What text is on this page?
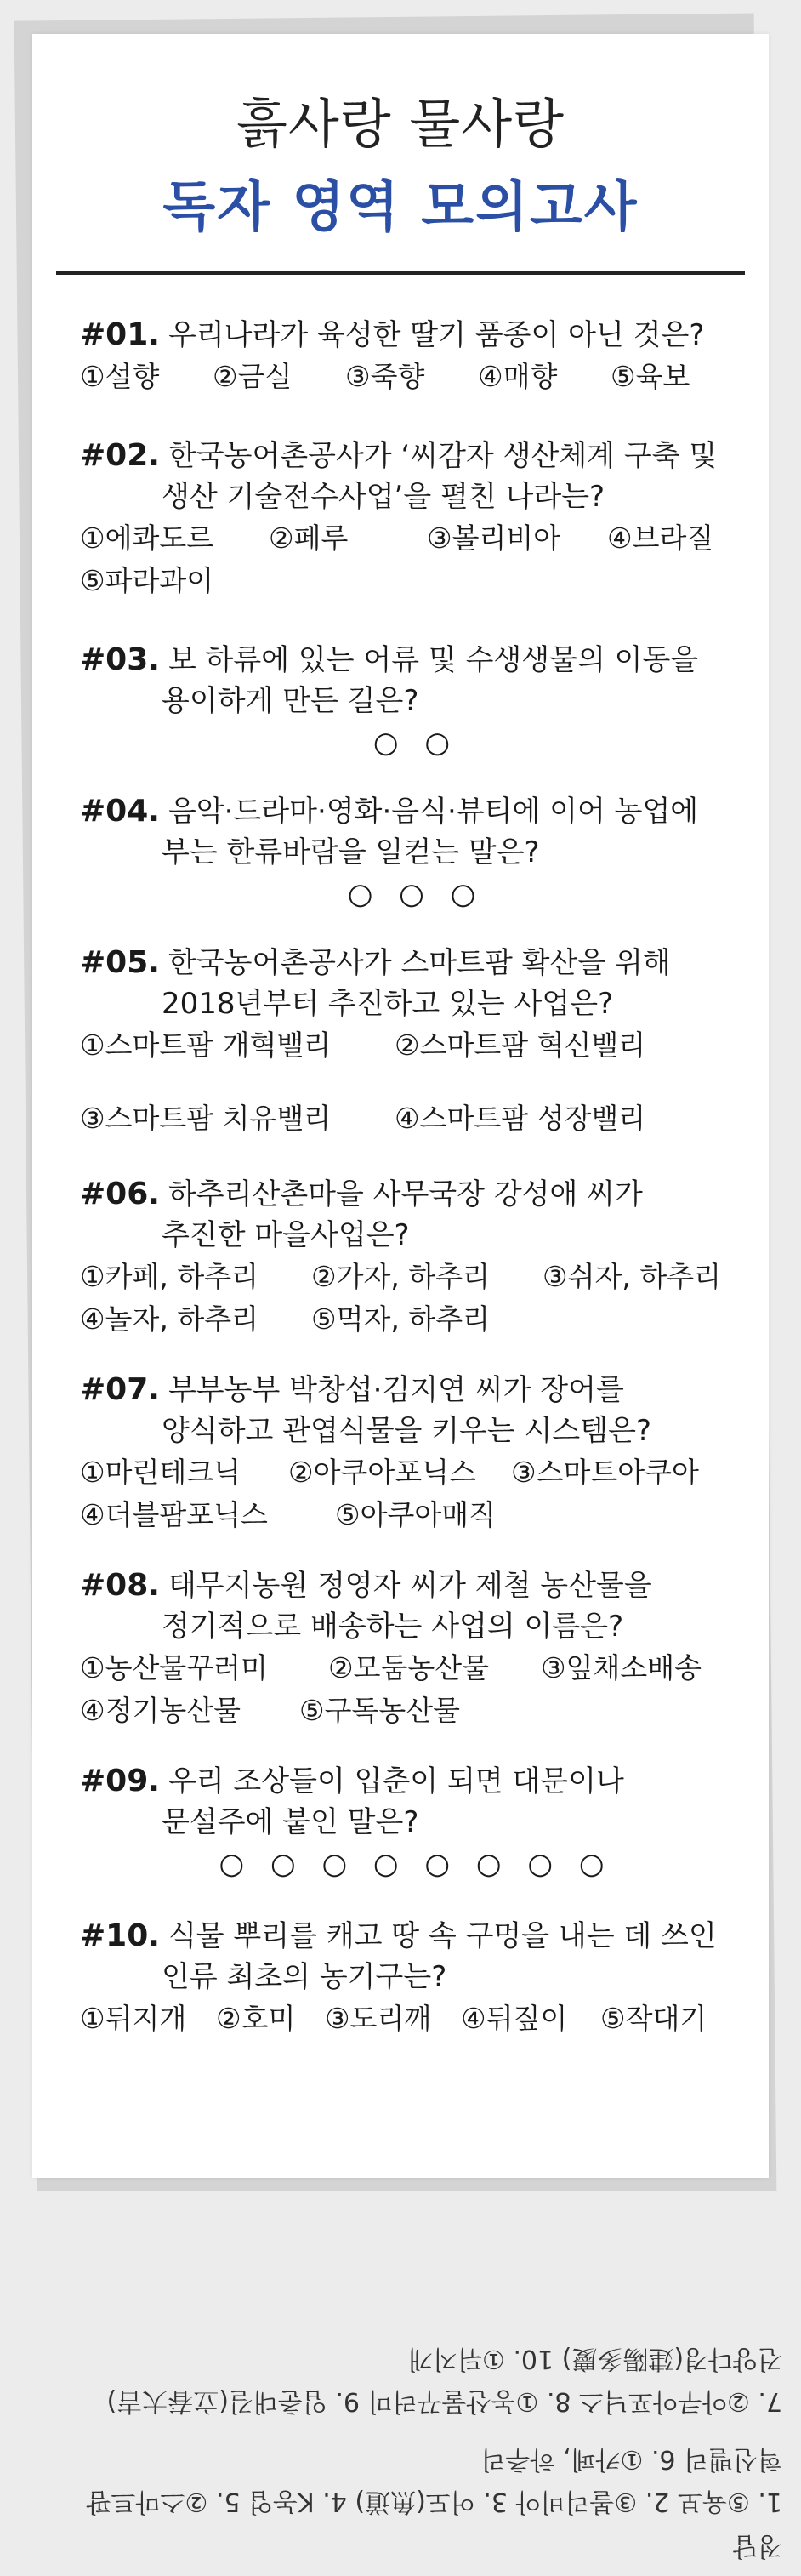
흙사랑 물사랑
독자 영역 모의고사
#01. 우리나라가 육성한 딸기 품종이 아닌 것은?
①설향 ②금실 ③죽향 ④매향 ⑤육보
#02. 한국농어촌공사가 ‘씨감자 생산체계 구축 및
생산 기술전수사업’을 펼친 나라는?
①에콰도르 ②페루	③볼리비아 ④브라질
⑤파라과이
#03. 보 하류에 있는 어류 및 수생생물의 이동을
용이하게 만든 길은?
○ ○
#04. 음악·드라마·영화·음식·뷰티에 이어 농업에
부는 한류바람을 일컫는 말은?
○ ○ ○
#05. 한국농어촌공사가 스마트팜 확산을 위해
2018년부터 추진하고 있는 사업은?
①스마트팜 개혁밸리 ②스마트팜 혁신밸리
③스마트팜 치유밸리 ④스마트팜 성장밸리
#06. 하추리산촌마을 사무국장 강성애 씨가
추진한 마을사업은?
①카페, 하추리 ②가자, 하추리 ③쉬자, 하추리
④놀자, 하추리 ⑤먹자, 하추리
#07. 부부농부 박창섭·김지연 씨가 장어를
양식하고 관엽식물을 키우는 시스템은?
①마린테크닉 ②아쿠아포닉스 ③스마트아쿠아
④더블팜포닉스 ⑤아쿠아매직
#08. 태무지농원 정영자 씨가 제철 농산물을
정기적으로 배송하는 사업의 이름은?
①농산물꾸러미 ②모둠농산물 ③잎채소배송
④정기농산물 ⑤구독농산물
#09. 우리 조상들이 입춘이 되면 대문이나
문설주에 붙인 말은?
○ ○ ○ ○ ○ ○ ○ ○
#10. 식물 뿌리를 캐고 땅 속 구멍을 내는 데 쓰인
인류 최초의 농기구는?
①뒤지개 ②호미 ③도리깨 ④뒤짚이 ⑤작대기
정답
1. ⑤육보 2. ③볼리비아 3. 어도(魚道) 4. K농업 5. ②스마트팜
혁신밸리 6. ①카페, 하추리
7. ②아쿠아포닉스 8. ①농산물꾸러미 9. 입춘대길(立春大吉)
건양다경(建陽多慶) 10. ①뒤지개
